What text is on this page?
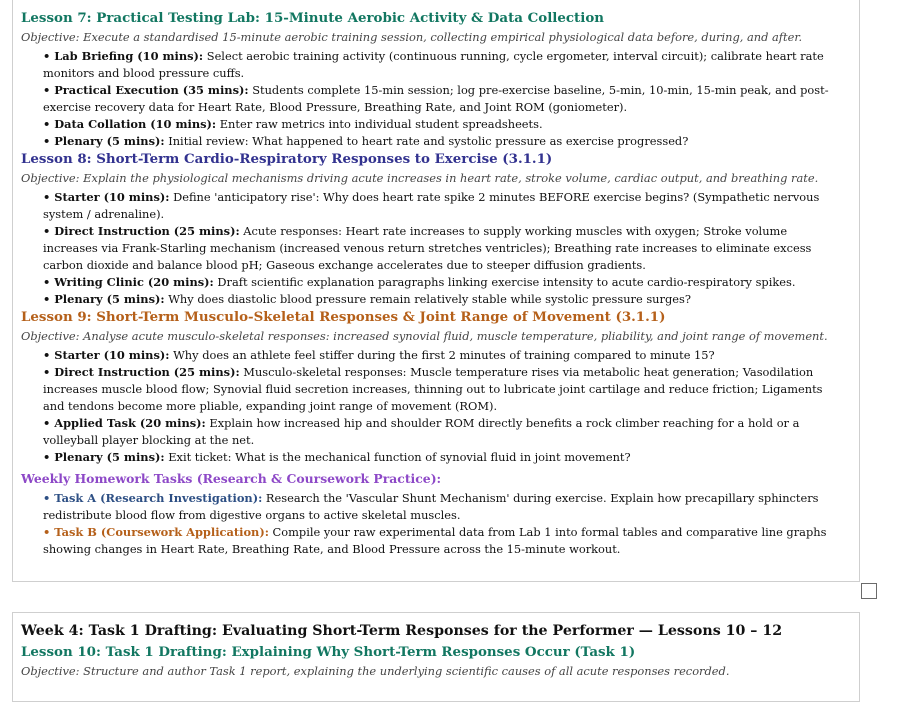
Lesson 7: Practical Testing Lab: 15-Minute Aerobic Activity & Data Collection

Objective: Execute a standardised 15-minute aerobic training session, collecting empirical physiological data before, during, and after.

• Lab Briefing (10 mins): Select aerobic training activity (continuous running, cycle ergometer, interval circuit); calibrate heart rate monitors and blood pressure cuffs.
• Practical Execution (35 mins): Students complete 15-min session; log pre-exercise baseline, 5-min, 10-min, 15-min peak, and post-exercise recovery data for Heart Rate, Blood Pressure, Breathing Rate, and Joint ROM (goniometer).
• Data Collation (10 mins): Enter raw metrics into individual student spreadsheets.
• Plenary (5 mins): Initial review: What happened to heart rate and systolic pressure as exercise progressed?

Lesson 8: Short-Term Cardio-Respiratory Responses to Exercise (3.1.1)

Objective: Explain the physiological mechanisms driving acute increases in heart rate, stroke volume, cardiac output, and breathing rate.

• Starter (10 mins): Define 'anticipatory rise': Why does heart rate spike 2 minutes BEFORE exercise begins? (Sympathetic nervous system / adrenaline).
• Direct Instruction (25 mins): Acute responses: Heart rate increases to supply working muscles with oxygen; Stroke volume increases via Frank-Starling mechanism (increased venous return stretches ventricles); Breathing rate increases to eliminate excess carbon dioxide and balance blood pH; Gaseous exchange accelerates due to steeper diffusion gradients.
• Writing Clinic (20 mins): Draft scientific explanation paragraphs linking exercise intensity to acute cardio-respiratory spikes.
• Plenary (5 mins): Why does diastolic blood pressure remain relatively stable while systolic pressure surges?

Lesson 9: Short-Term Musculo-Skeletal Responses & Joint Range of Movement (3.1.1)

Objective: Analyse acute musculo-skeletal responses: increased synovial fluid, muscle temperature, pliability, and joint range of movement.

• Starter (10 mins): Why does an athlete feel stiffer during the first 2 minutes of training compared to minute 15?
• Direct Instruction (25 mins): Musculo-skeletal responses: Muscle temperature rises via metabolic heat generation; Vasodilation increases muscle blood flow; Synovial fluid secretion increases, thinning out to lubricate joint cartilage and reduce friction; Ligaments and tendons become more pliable, expanding joint range of movement (ROM).
• Applied Task (20 mins): Explain how increased hip and shoulder ROM directly benefits a rock climber reaching for a hold or a volleyball player blocking at the net.
• Plenary (5 mins): Exit ticket: What is the mechanical function of synovial fluid in joint movement?

Weekly Homework Tasks (Research & Coursework Practice):

• Task A (Research Investigation): Research the 'Vascular Shunt Mechanism' during exercise. Explain how precapillary sphincters redistribute blood flow from digestive organs to active skeletal muscles.
• Task B (Coursework Application): Compile your raw experimental data from Lab 1 into formal tables and comparative line graphs showing changes in Heart Rate, Breathing Rate, and Blood Pressure across the 15-minute workout.

Week 4: Task 1 Drafting: Evaluating Short-Term Responses for the Performer — Lessons 10 – 12

Lesson 10: Task 1 Drafting: Explaining Why Short-Term Responses Occur (Task 1)

Objective: Structure and author Task 1 report, explaining the underlying scientific causes of all acute responses recorded.
